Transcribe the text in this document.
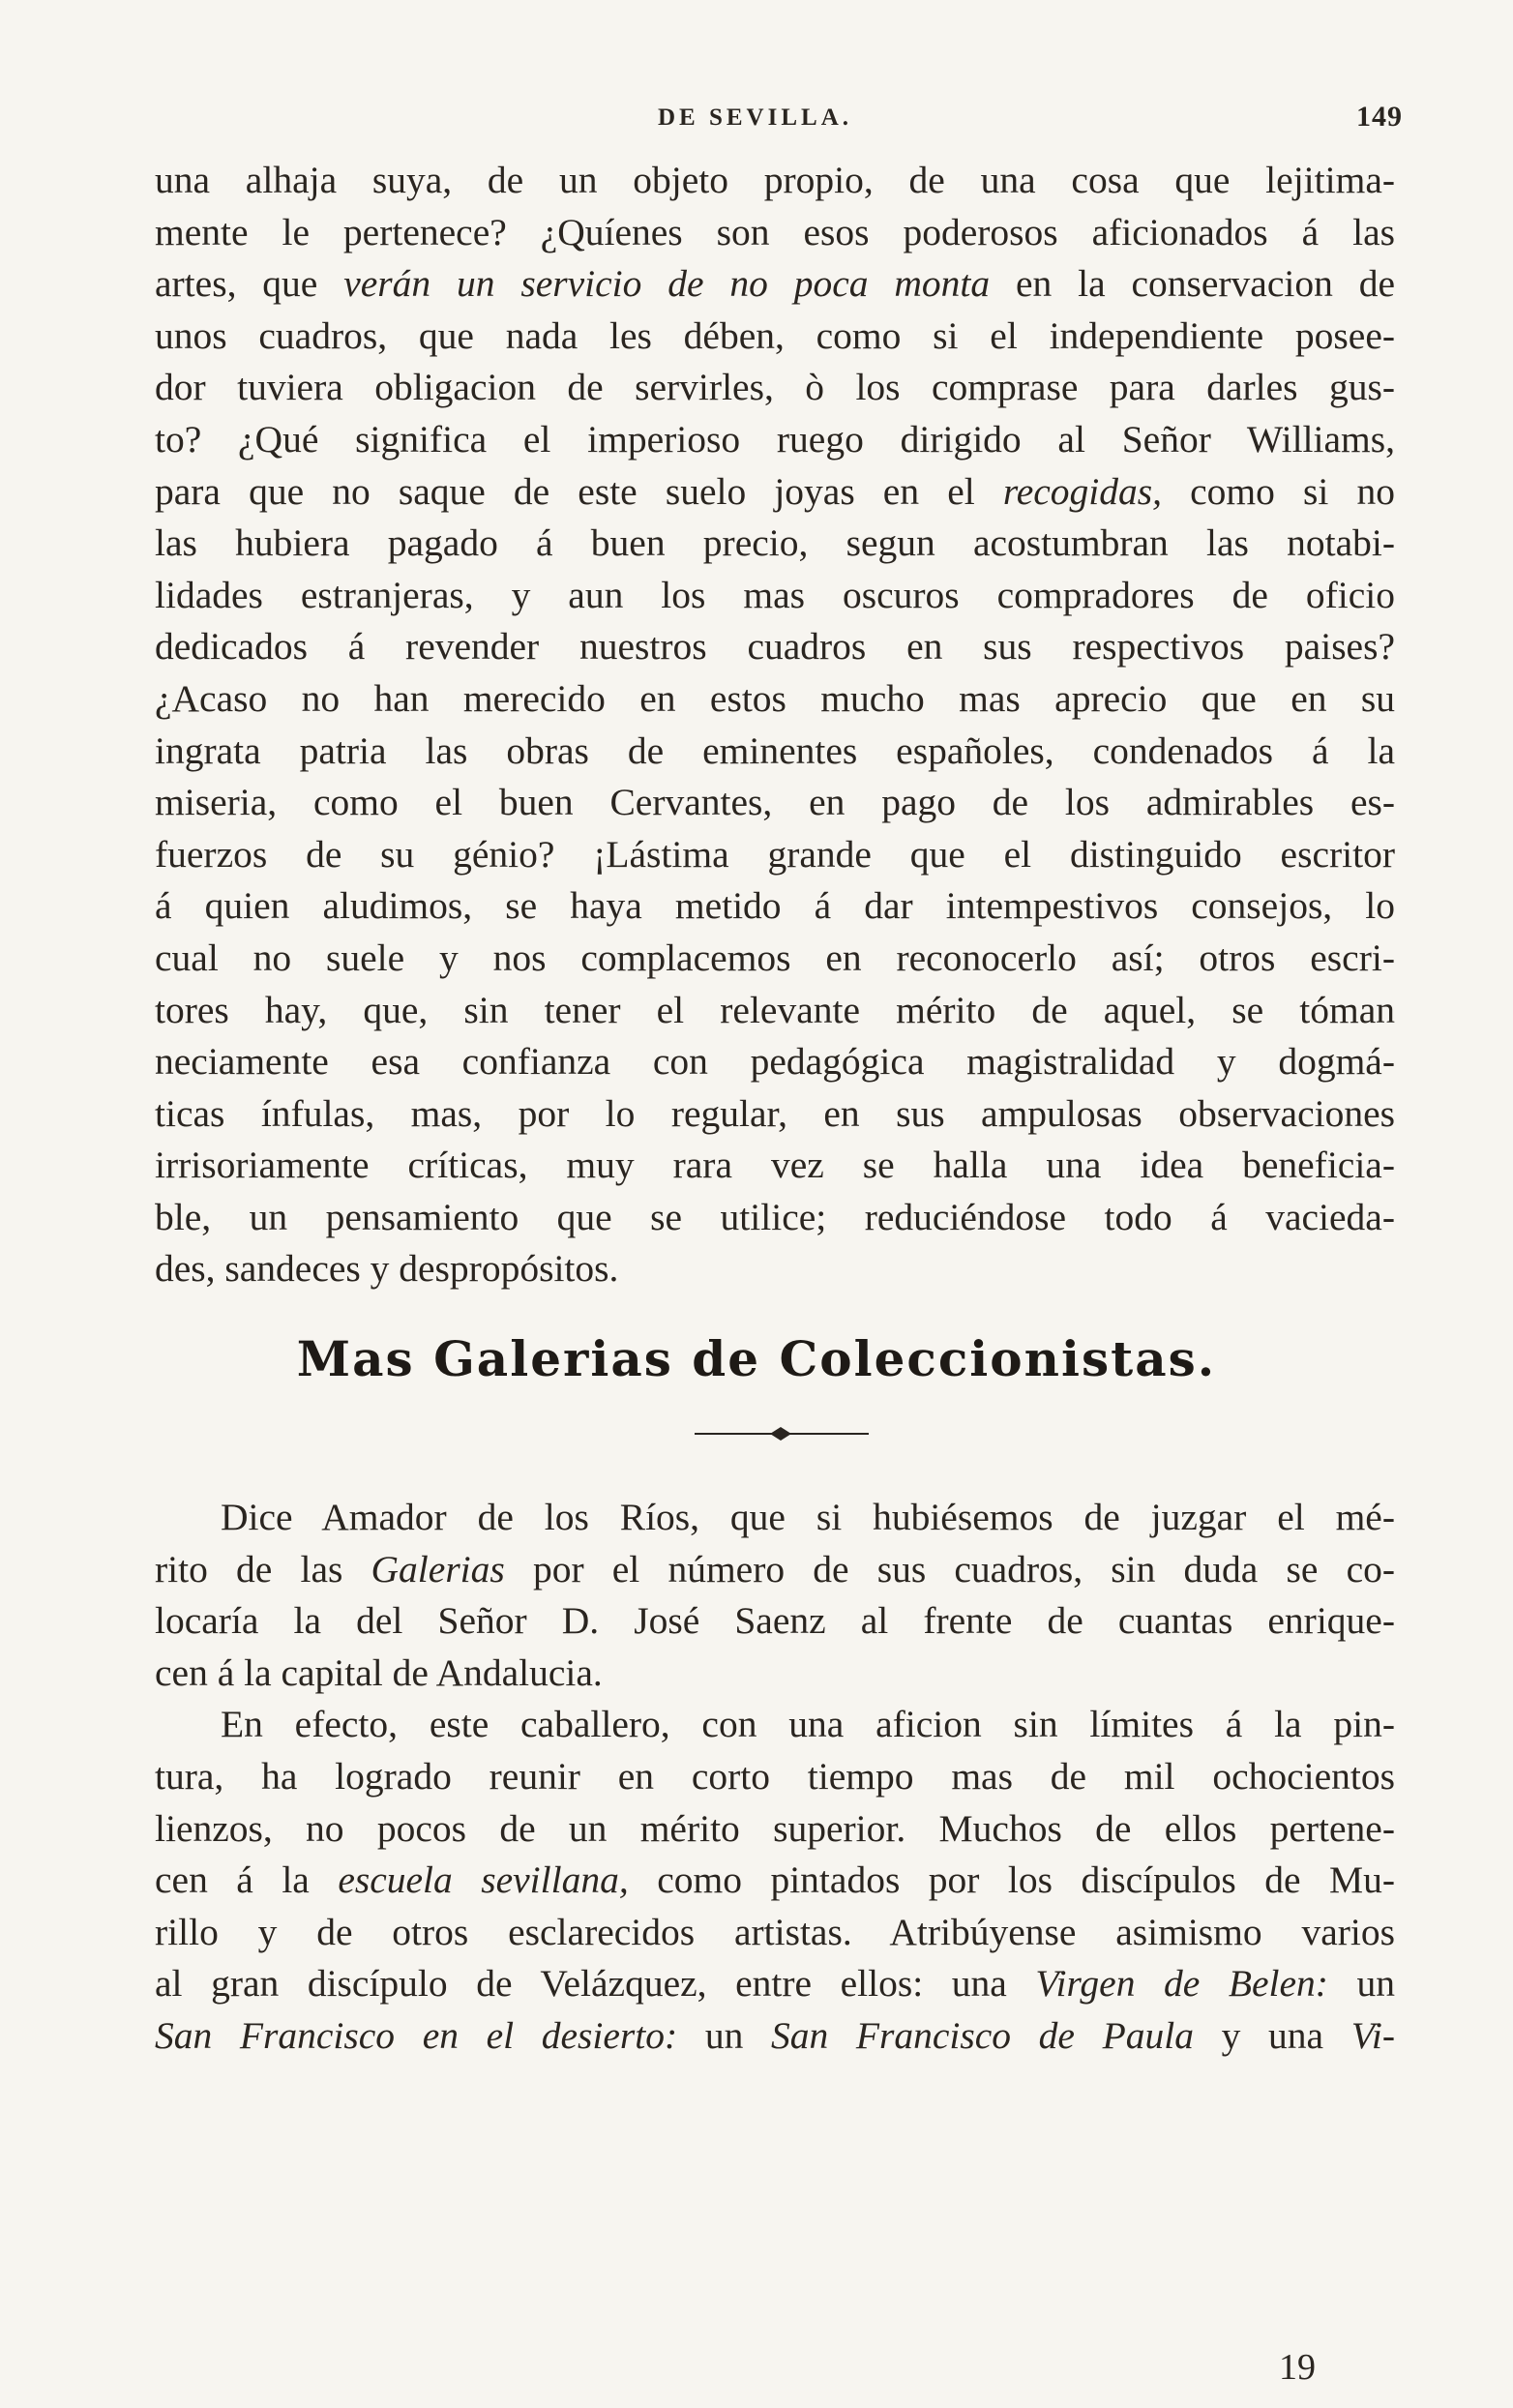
DE SEVILLA.	149
una alhaja suya, de un objeto propio, de una cosa que lejitima-
mente le pertenece? ¿Quíenes son esos poderosos aficionados á las
artes, que verán un servicio de no poca monta en la conservacion de
unos cuadros, que nada les dében, como si el independiente posee-
dor tuviera obligacion de servirles, ò los comprase para darles gus-
to? ¿Qué significa el imperioso ruego dirigido al Señor Williams,
para que no saque de este suelo joyas en el recogidas, como si no
las hubiera pagado á buen precio, segun acostumbran las notabi-
lidades estranjeras, y aun los mas oscuros compradores de oficio
dedicados á revender nuestros cuadros en sus respectivos paises?
¿Acaso no han merecido en estos mucho mas aprecio que en su
ingrata patria las obras de eminentes españoles, condenados á la
miseria, como el buen Cervantes, en pago de los admirables es-
fuerzos de su génio? ¡Lástima grande que el distinguido escritor
á quien aludimos, se haya metido á dar intempestivos consejos, lo
cual no suele y nos complacemos en reconocerlo así; otros escri-
tores hay, que, sin tener el relevante mérito de aquel, se tóman
neciamente esa confianza con pedagógica magistralidad y dogmá-
ticas ínfulas, mas, por lo regular, en sus ampulosas observaciones
irrisoriamente críticas, muy rara vez se halla una idea beneficia-
ble, un pensamiento que se utilice; reduciéndose todo á vacieda-
des, sandeces y despropósitos.
Mas Galerias de Coleccionistas.
Dice Amador de los Ríos, que si hubiésemos de juzgar el mé-
rito de las Galerias por el número de sus cuadros, sin duda se co-
locaría la del Señor D. José Saenz al frente de cuantas enrique-
cen á la capital de Andalucia.
En efecto, este caballero, con una aficion sin límites á la pin-
tura, ha logrado reunir en corto tiempo mas de mil ochocientos
lienzos, no pocos de un mérito superior. Muchos de ellos pertene-
cen á la escuela sevillana, como pintados por los discípulos de Mu-
rillo y de otros esclarecidos artistas. Atribúyense asimismo varios
al gran discípulo de Velázquez, entre ellos: una Virgen de Belen: un
San Francisco en el desierto: un San Francisco de Paula y una Vi-
19
